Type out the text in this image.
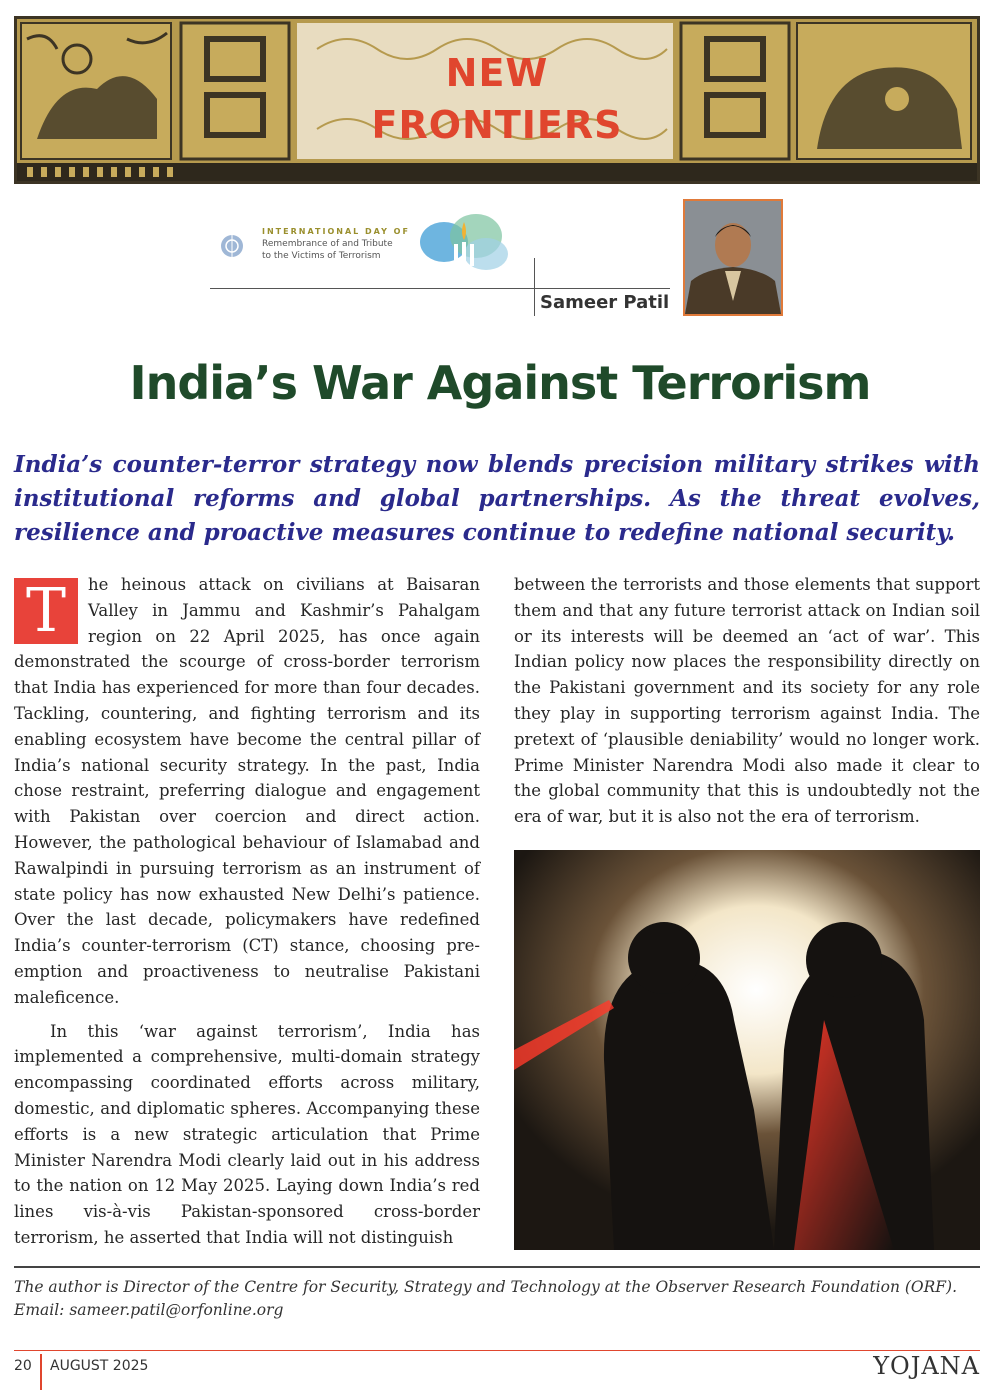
NEW
FRONTIERS
INTERNATIONAL DAY OF
Remembrance of and Tribute
to the Victims of Terrorism
Sameer Patil
India’s War Against Terrorism
India’s counter-terror strategy now blends precision military strikes with institutional reforms and global partnerships. As the threat evolves, resilience and proactive measures continue to redefine national security.

T	he heinous attack on civilians at Baisaran Valley in Jammu and Kashmir’s Pahalgam region on 22 April 2025, has once again demonstrated the scourge of cross-border terrorism that India has experienced for more than four decades. Tackling, countering, and fighting terrorism and its enabling ecosystem have become the central pillar of India’s national security strategy. In the past, India chose restraint, preferring dialogue and engagement with Pakistan over coercion and direct action. However, the pathological behaviour of Islamabad and Rawalpindi in pursuing terrorism as an instrument of state policy has now exhausted New Delhi’s patience. Over the last decade, policymakers have redefined India’s counter-terrorism (CT) stance, choosing pre-emption and proactiveness to neutralise Pakistani maleficence.

In this ‘war against terrorism’, India has implemented a comprehensive, multi-domain strategy encompassing coordinated efforts across military, domestic, and diplomatic spheres. Accompanying these efforts is a new strategic articulation that Prime Minister Narendra Modi clearly laid out in his address to the nation on 12 May 2025. Laying down India’s red lines vis-à-vis Pakistan-sponsored cross-border terrorism, he asserted that India will not distinguish

between the terrorists and those elements that support them and that any future terrorist attack on Indian soil or its interests will be deemed an ‘act of war’. This Indian policy now places the responsibility directly on the Pakistani government and its society for any role they play in supporting terrorism against India. The pretext of ‘plausible deniability’ would no longer work. Prime Minister Narendra Modi also made it clear to the global community that this is undoubtedly not the era of war, but it is also not the era of terrorism.

The author is Director of the Centre for Security, Strategy and Technology at the Observer Research Foundation (ORF).
Email: sameer.patil@orfonline.org
20 AUGUST 2025	YOJANA
